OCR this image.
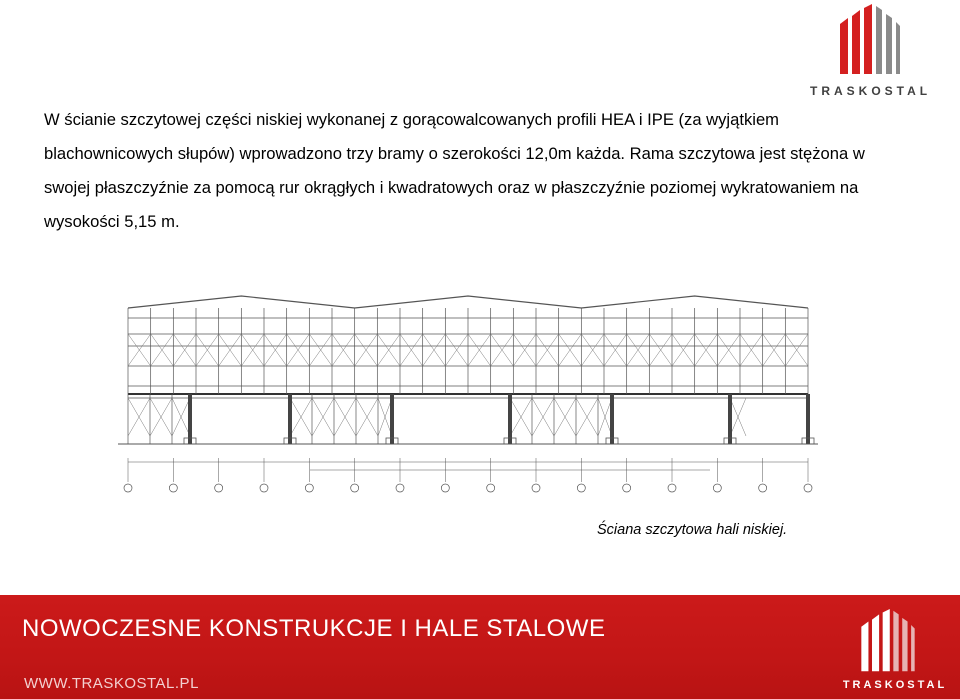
TRASKOSTAL
W ścianie szczytowej części niskiej wykonanej z gorącowalcowanych profili HEA i IPE (za wyjątkiem blachownicowych słupów) wprowadzono trzy bramy o szerokości 12,0m każda. Rama szczytowa jest stężona w swojej płaszczyźnie za pomocą rur okrągłych i kwadratowych oraz w płaszczyźnie poziomej wykratowaniem na wysokości 5,15 m.
Ściana szczytowa hali niskiej.
NOWOCZESNE KONSTRUKCJE I HALE STALOWE
WWW.TRASKOSTAL.PL	TRASKOSTAL
